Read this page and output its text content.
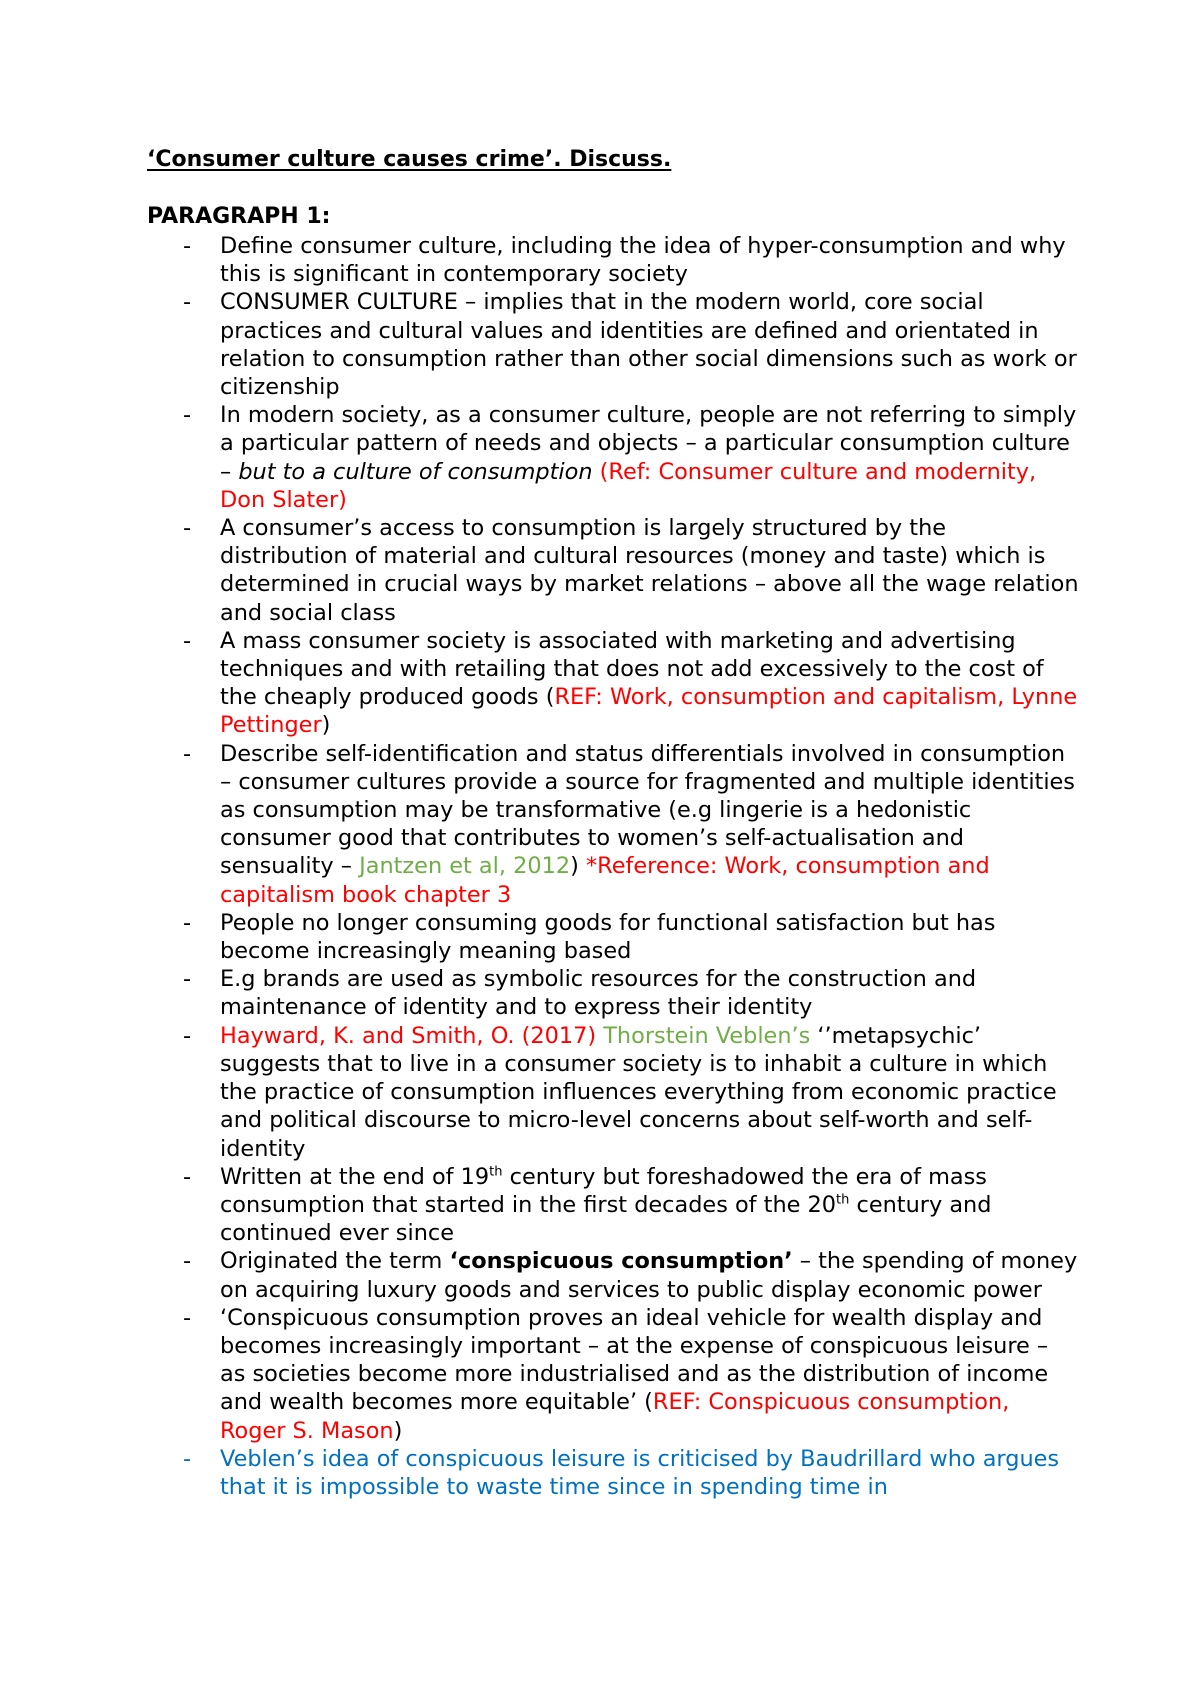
‘Consumer culture causes crime’. Discuss.

PARAGRAPH 1:

- Define consumer culture, including the idea of hyper-consumption and why this is significant in contemporary society
- CONSUMER CULTURE – implies that in the modern world, core social practices and cultural values and identities are defined and orientated in relation to consumption rather than other social dimensions such as work or citizenship
- In modern society, as a consumer culture, people are not referring to simply a particular pattern of needs and objects – a particular consumption culture – but to a culture of consumption (Ref: Consumer culture and modernity, Don Slater)
- A consumer’s access to consumption is largely structured by the distribution of material and cultural resources (money and taste) which is determined in crucial ways by market relations – above all the wage relation and social class
- A mass consumer society is associated with marketing and advertising techniques and with retailing that does not add excessively to the cost of the cheaply produced goods (REF: Work, consumption and capitalism, Lynne Pettinger)
- Describe self-identification and status differentials involved in consumption – consumer cultures provide a source for fragmented and multiple identities as consumption may be transformative (e.g lingerie is a hedonistic consumer good that contributes to women’s self-actualisation and sensuality – Jantzen et al, 2012) *Reference: Work, consumption and capitalism book chapter 3
- People no longer consuming goods for functional satisfaction but has become increasingly meaning based
- E.g brands are used as symbolic resources for the construction and maintenance of identity and to express their identity
- Hayward, K. and Smith, O. (2017) Thorstein Veblen’s ‘’metapsychic’ suggests that to live in a consumer society is to inhabit a culture in which the practice of consumption influences everything from economic practice and political discourse to micro-level concerns about self-worth and self-identity
- Written at the end of 19th century but foreshadowed the era of mass consumption that started in the first decades of the 20th century and continued ever since
- Originated the term ‘conspicuous consumption’ – the spending of money on acquiring luxury goods and services to public display economic power
- ‘Conspicuous consumption proves an ideal vehicle for wealth display and becomes increasingly important – at the expense of conspicuous leisure – as societies become more industrialised and as the distribution of income and wealth becomes more equitable’ (REF: Conspicuous consumption, Roger S. Mason)
- Veblen’s idea of conspicuous leisure is criticised by Baudrillard who argues that it is impossible to waste time since in spending time in
